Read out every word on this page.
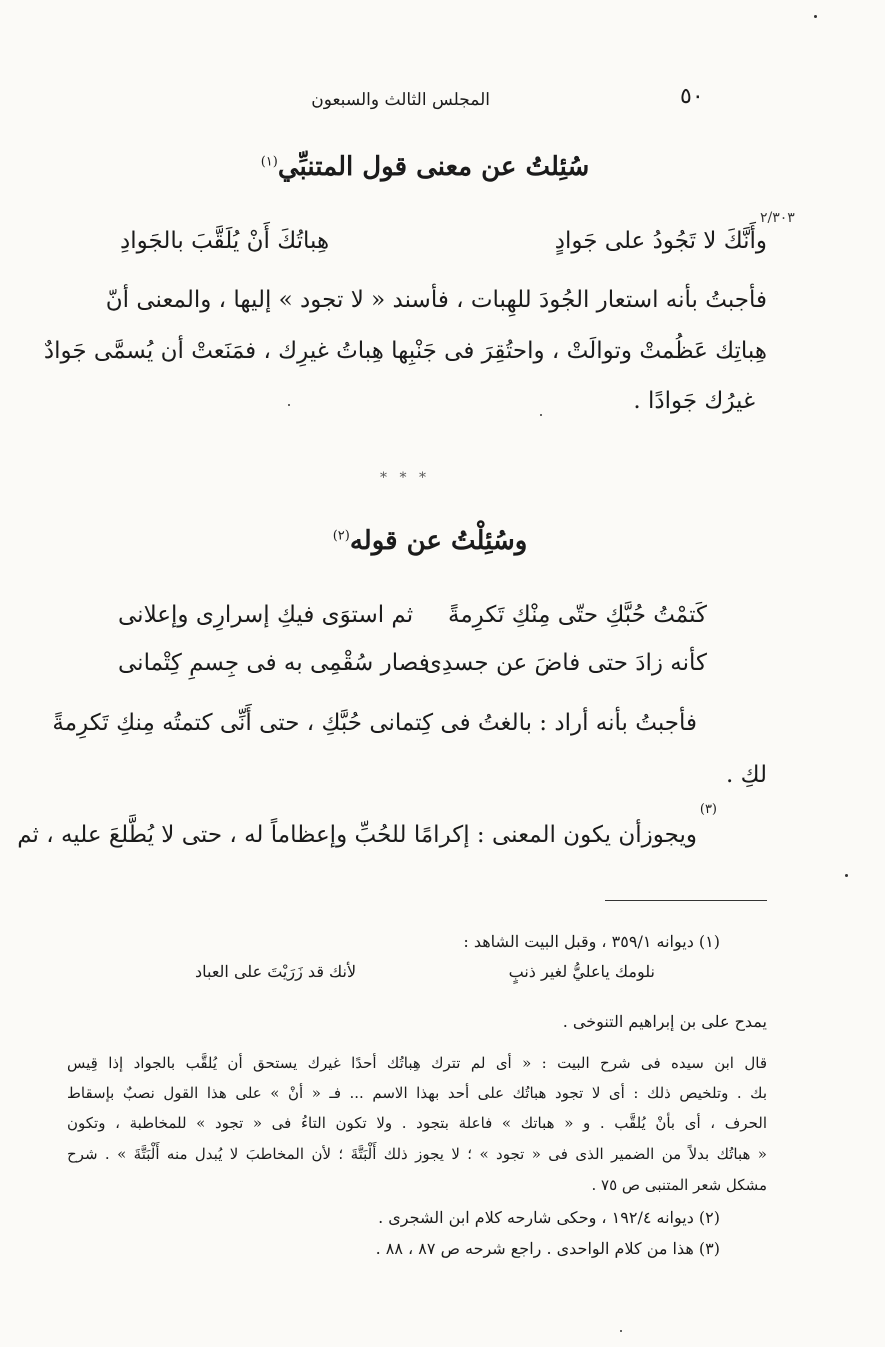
٥٠
المجلس الثالث والسبعون
٢/٣٠٣
سُئِلتُ عن معنى قول المتنبِّي$^{(١)}$
وأَنَّكَ لا تَجُودُ على جَوادٍ
هِباتُكَ أَنْ يُلَقَّبَ بالجَوادِ
فأجبتُ بأنه استعار الجُودَ للهِبات ، فأسند « لا تجود » إليها ، والمعنى أنّ
هِباتِك عَظُمتْ وتوالَتْ ، واحتُقِرَ فى جَنْبِها هِباتُ غيرِك ، فمَنَعتْ أن يُسمَّى جَوادٌ
غيرُك جَوادًا .
* * *
وسُئِلْتُ عن قوله$^{(٢)}$
كَتمْتُ حُبَّكِ حتّى مِنْكِ تَكرِمةً
ثم استوَى فيكِ إسرارِى وإعلانى
كأنه زادَ حتى فاضَ عن جسدِى
فصار سُقْمِى به فى جِسمِ كِتْمانى
فأجبتُ بأنه أراد : بالغتُ فى كِتمانى حُبَّكِ ، حتى أَنِّى كتمتُه مِنكِ تَكرِمةً
لكِ .
(٣)
ويجوزأن يكون المعنى : إكرامًا للحُبِّ وإعظاماً له ، حتى لا يُطَّلعَ عليه ، ثم
(١) ديوانه ٣٥٩/١ ، وقبل البيت الشاهد :
نلومك ياعليُّ لغير ذنبٍ
لأنك قد زَرَيْتَ على العباد
يمدح على بن إبراهيم التنوخى .
قال ابن سيده فى شرح البيت : « أى لم تترك هِباتُك أحدًا غيرك يستحق أن يُلقَّب بالجواد إذا قِيس
بك . وتلخيص ذلك : أى لا تجود هباتُك على أحد بهذا الاسم ... فـ « أنْ » على هذا القول نصبٌ بإسقاط
الحرف ، أى بأنْ يُلقَّب . و « هباتك » فاعلة بتجود . ولا تكون التاءُ فى « تجود » للمخاطبة ، وتكون
« هباتُك بدلاً من الضمير الذى فى « تجود » ؛ لا يجوز ذلك أَلْبَتَّةَ ؛ لأن المخاطبَ لا يُبدل منه أَلْبَتَّةَ » . شرح
مشكل شعر المتنبى ص ٧٥ .
(٢) ديوانه ١٩٢/٤ ، وحكى شارحه كلام ابن الشجرى .
(٣) هذا من كلام الواحدى . راجع شرحه ص ٨٧ ، ٨٨ .
